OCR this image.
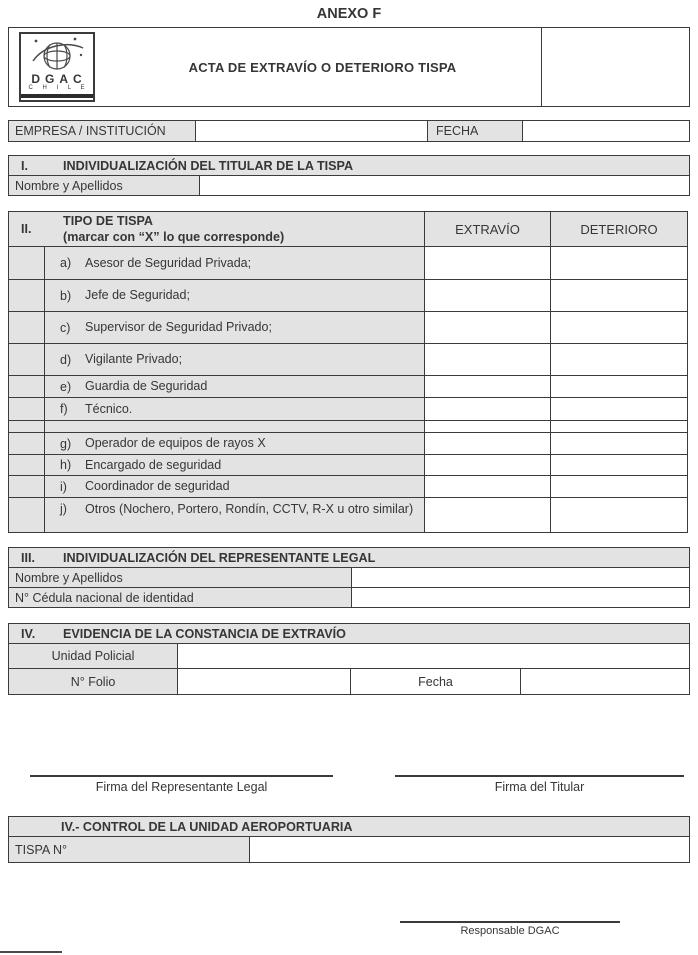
ANEXO F
DGAC
C H I L E
ACTA DE EXTRAVÍO O DETERIORO TISPA
EMPRESA / INSTITUCIÓN	FECHA
I.	INDIVIDUALIZACIÓN DEL TITULAR DE LA TISPA
Nombre y Apellidos
II.
TIPO DE TISPA
(marcar con “X” lo que corresponde)
EXTRAVÍO	DETERIORO
a)	Asesor de Seguridad Privada;
b)	Jefe de Seguridad;
c)	Supervisor de Seguridad Privado;
d)	Vigilante Privado;
e)	Guardia de Seguridad
f)	Técnico.
g)	Operador de equipos de rayos X
h)	Encargado de seguridad
i)	Coordinador de seguridad
j)	Otros (Nochero, Portero, Rondín, CCTV, R-X u otro similar)
III.	INDIVIDUALIZACIÓN DEL REPRESENTANTE LEGAL
Nombre y Apellidos
N° Cédula nacional de identidad
IV.	EVIDENCIA DE LA CONSTANCIA DE EXTRAVÍO
Unidad Policial
N° Folio	Fecha
Firma del Representante Legal	Firma del Titular
IV.- CONTROL DE LA UNIDAD AEROPORTUARIA
TISPA N°
Responsable DGAC
